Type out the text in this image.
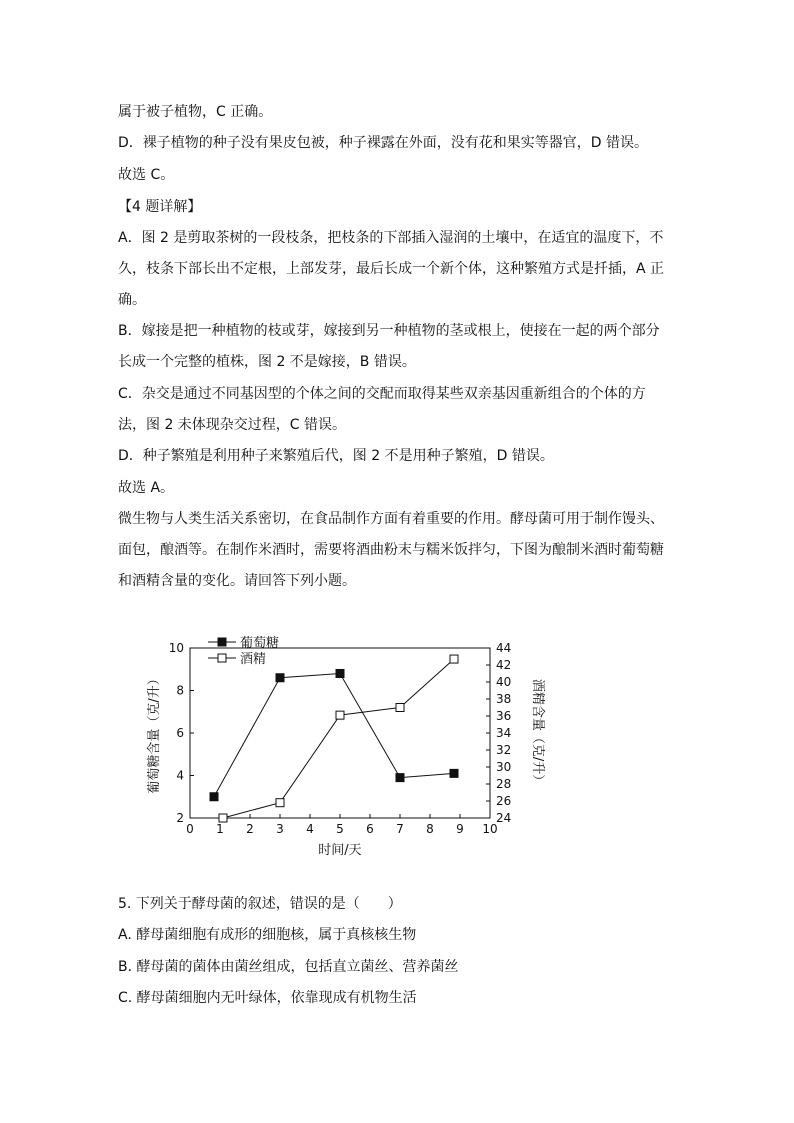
属于被子植物，C 正确。
D．裸子植物的种子没有果皮包被，种子裸露在外面，没有花和果实等器官，D 错误。
故选 C。
【4 题详解】
A．图 2 是剪取茶树的一段枝条，把枝条的下部插入湿润的土壤中，在适宜的温度下，不
久，枝条下部长出不定根，上部发芽，最后长成一个新个体，这种繁殖方式是扦插，A 正
确。
B．嫁接是把一种植物的枝或芽，嫁接到另一种植物的茎或根上，使接在一起的两个部分
长成一个完整的植株，图 2 不是嫁接，B 错误。
C．杂交是通过不同基因型的个体之间的交配而取得某些双亲基因重新组合的个体的方
法，图 2 未体现杂交过程，C 错误。
D．种子繁殖是利用种子来繁殖后代，图 2 不是用种子繁殖，D 错误。
故选 A。
微生物与人类生活关系密切，在食品制作方面有着重要的作用。酵母菌可用于制作馒头、
面包，酿酒等。在制作米酒时，需要将酒曲粉末与糯米饭拌匀，下图为酿制米酒时葡萄糖
和酒精含量的变化。请回答下列小题。
0 1 2 3 4 5 6 7 8 9 10
2
4
6
8
10
24
26
28
30
32
34
36
38
40
42
44
时间/天
葡萄糖含量（克/升）	酒精含量（克/升）
葡萄糖
酒精
5. 下列关于酵母菌的叙述，错误的是（　　）
A. 酵母菌细胞有成形的细胞核，属于真核核生物
B. 酵母菌的菌体由菌丝组成，包括直立菌丝、营养菌丝
C. 酵母菌细胞内无叶绿体，依靠现成有机物生活
